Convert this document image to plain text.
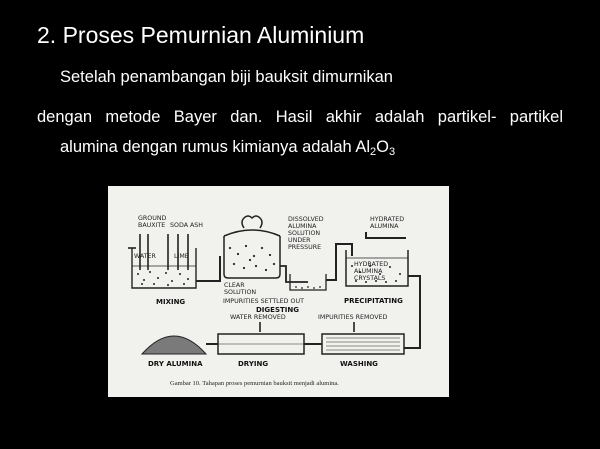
2. Proses Pemurnian Aluminium
Setelah penambangan biji bauksit dimurnikan
dengan metode Bayer dan. Hasil akhir adalah partikel- partikel
alumina dengan rumus kimianya adalah $Al_2O_3$
GROUND
BAUXITE SODA ASH
WATER	LIME
MIXING
DISSOLVED
ALUMINA
SOLUTION
UNDER
PRESSURE
CLEAR
SOLUTION
IMPURITIES SETTLED OUT
DIGESTING
HYDRATED
ALUMINA
HYDRATED
ALUMINA
CRYSTALS
PRECIPITATING
IMPURITIES REMOVED
WASHING
WATER REMOVED
DRYING
DRY ALUMINA
Gambar 10. Tahapan proses pemurnian bauksit menjadi alumina.
